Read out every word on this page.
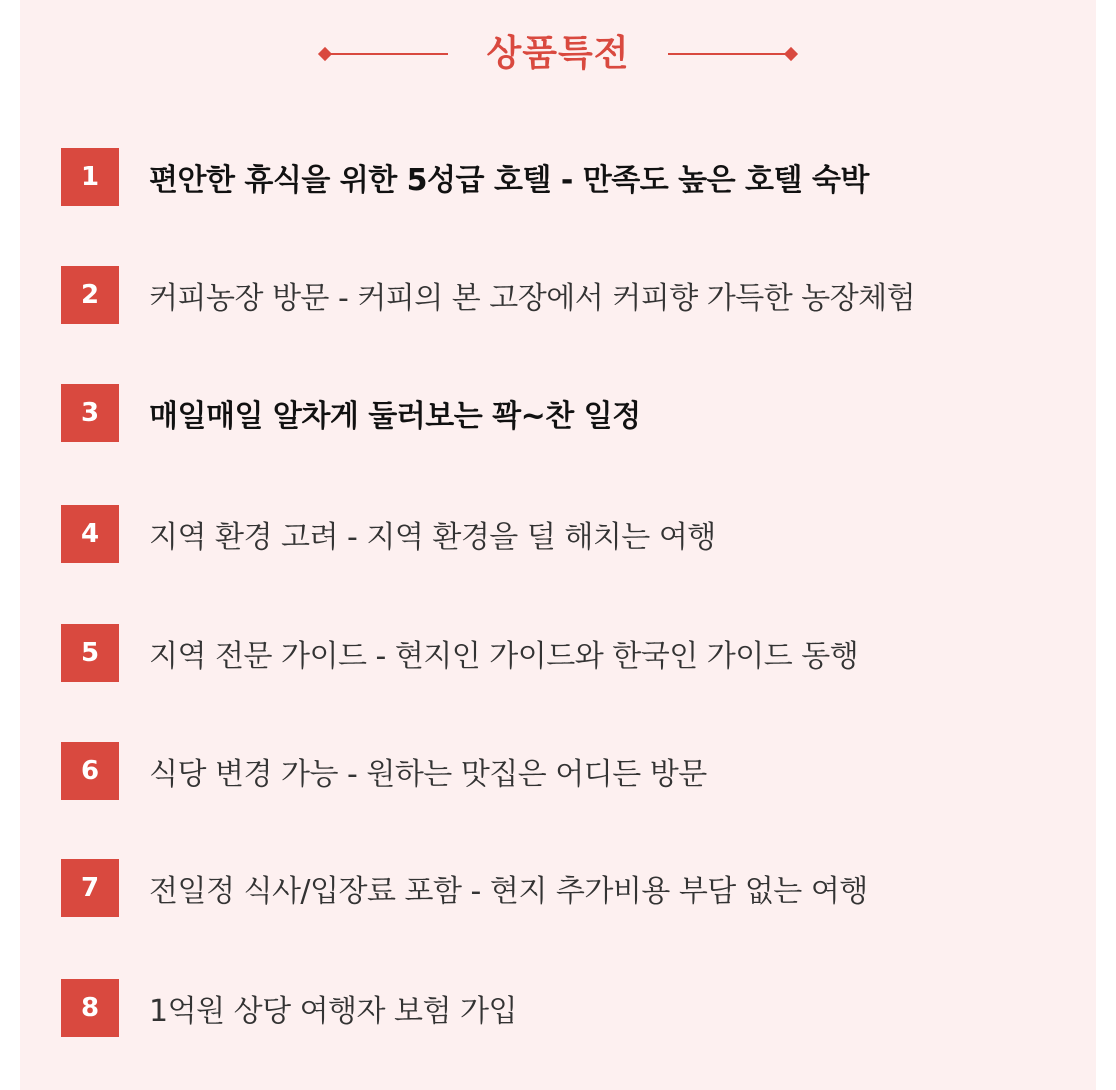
상품특전
1	편안한 휴식을 위한 5성급 호텔 - 만족도 높은 호텔 숙박
2	커피농장 방문 - 커피의 본 고장에서 커피향 가득한 농장체험
3	매일매일 알차게 둘러보는 꽉~찬 일정
4	지역 환경 고려 - 지역 환경을 덜 해치는 여행
5	지역 전문 가이드 - 현지인 가이드와 한국인 가이드 동행
6	식당 변경 가능 - 원하는 맛집은 어디든 방문
7	전일정 식사/입장료 포함 - 현지 추가비용 부담 없는 여행
8	1억원 상당 여행자 보험 가입
